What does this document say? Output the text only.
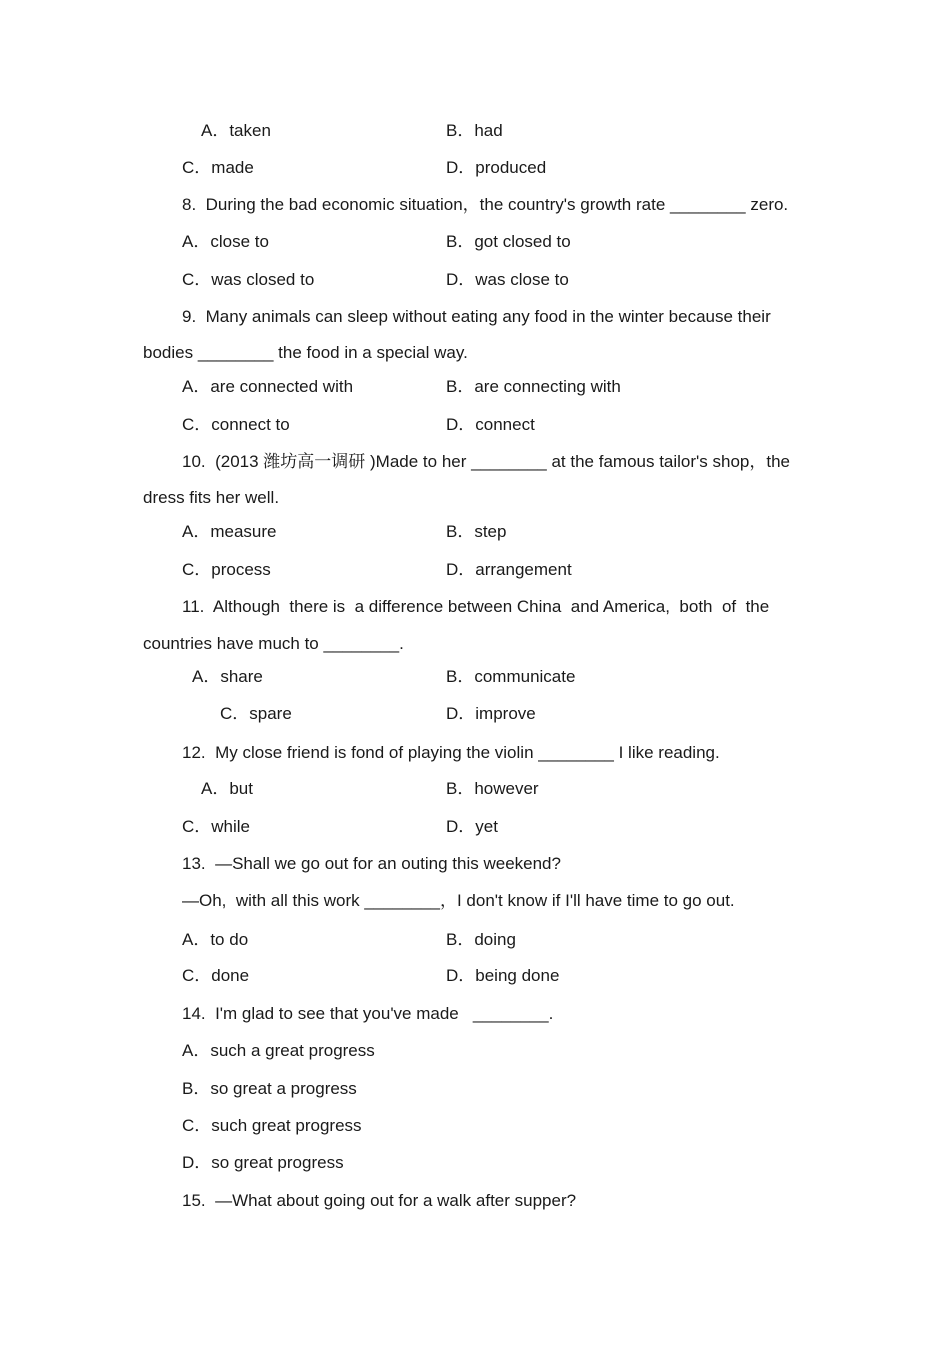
A．taken	B．had
C．made	D．produced
8.  During the bad economic situation，the country's growth rate ________ zero.
A．close to	B．got closed to
C．was closed to	D．was close to
9.  Many animals can sleep without eating any food in the winter because their
bodies ________ the food in a special way.
A．are connected with	B．are connecting with
C．connect to	D．connect
10.  (2013 潍坊高一调研 )Made to her ________ at the famous tailor's shop，the
dress fits her well.
A．measure	B．step
C．process	D．arrangement
11.  Although  there is  a difference between China  and America,  both  of  the
countries have much to ________.
A．share	B．communicate
C．spare	D．improve
12.  My close friend is fond of playing the violin ________ I like reading.
A．but	B．however
C．while	D．yet
13.  —Shall we go out for an outing this weekend?
—Oh,  with all this work ________，I don't know if I'll have time to go out.
A．to do	B．doing
C．done	D．being done
14.  I'm glad to see that you've made   ________.
A．such a great progress
B．so great a progress
C．such great progress
D．so great progress
15.  —What about going out for a walk after supper?
